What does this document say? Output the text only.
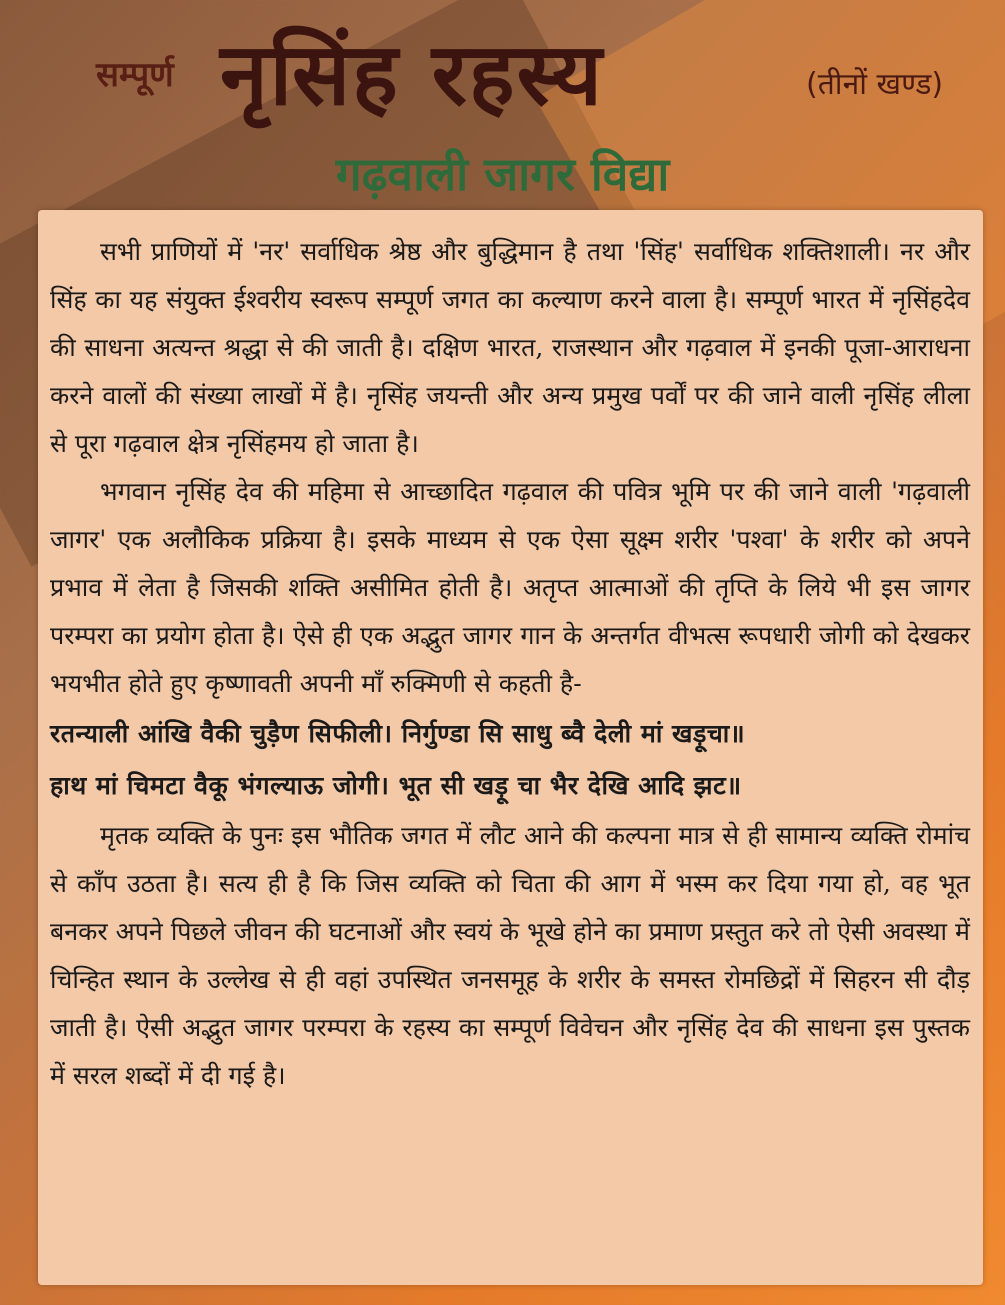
सम्पूर्ण नृसिंह रहस्य	(तीनों खण्ड)
गढ़वाली जागर विद्या

सभी प्राणियों में 'नर' सर्वाधिक श्रेष्ठ और बुद्धिमान है तथा 'सिंह' सर्वाधिक शक्तिशाली। नर और सिंह का यह संयुक्त ईश्वरीय स्वरूप सम्पूर्ण जगत का कल्याण करने वाला है। सम्पूर्ण भारत में नृसिंहदेव की साधना अत्यन्त श्रद्धा से की जाती है। दक्षिण भारत, राजस्थान और गढ़वाल में इनकी पूजा-आराधना करने वालों की संख्या लाखों में है। नृसिंह जयन्ती और अन्य प्रमुख पर्वों पर की जाने वाली नृसिंह लीला से पूरा गढ़वाल क्षेत्र नृसिंहमय हो जाता है।

भगवान नृसिंह देव की महिमा से आच्छादित गढ़वाल की पवित्र भूमि पर की जाने वाली 'गढ़वाली जागर' एक अलौकिक प्रक्रिया है। इसके माध्यम से एक ऐसा सूक्ष्म शरीर 'पश्वा' के शरीर को अपने प्रभाव में लेता है जिसकी शक्ति असीमित होती है। अतृप्त आत्माओं की तृप्ति के लिये भी इस जागर परम्परा का प्रयोग होता है। ऐसे ही एक अद्भुत जागर गान के अन्तर्गत वीभत्स रूपधारी जोगी को देखकर भयभीत होते हुए कृष्णावती अपनी माँ रुक्मिणी से कहती है-

रतन्याली आंखि वैकी चुड़ैण सिफीली। निर्गुण्डा सि साधु ब्वै देली मां खड़ूचा॥
हाथ मां चिमटा वैकू भंगल्याऊ जोगी। भूत सी खड़ू चा भैर देखि आदि झट॥

मृतक व्यक्ति के पुनः इस भौतिक जगत में लौट आने की कल्पना मात्र से ही सामान्य व्यक्ति रोमांच से काँप उठता है। सत्य ही है कि जिस व्यक्ति को चिता की आग में भस्म कर दिया गया हो, वह भूत बनकर अपने पिछले जीवन की घटनाओं और स्वयं के भूखे होने का प्रमाण प्रस्तुत करे तो ऐसी अवस्था में चिन्हित स्थान के उल्लेख से ही वहां उपस्थित जनसमूह के शरीर के समस्त रोमछिद्रों में सिहरन सी दौड़ जाती है। ऐसी अद्भुत जागर परम्परा के रहस्य का सम्पूर्ण विवेचन और नृसिंह देव की साधना इस पुस्तक में सरल शब्दों में दी गई है।
